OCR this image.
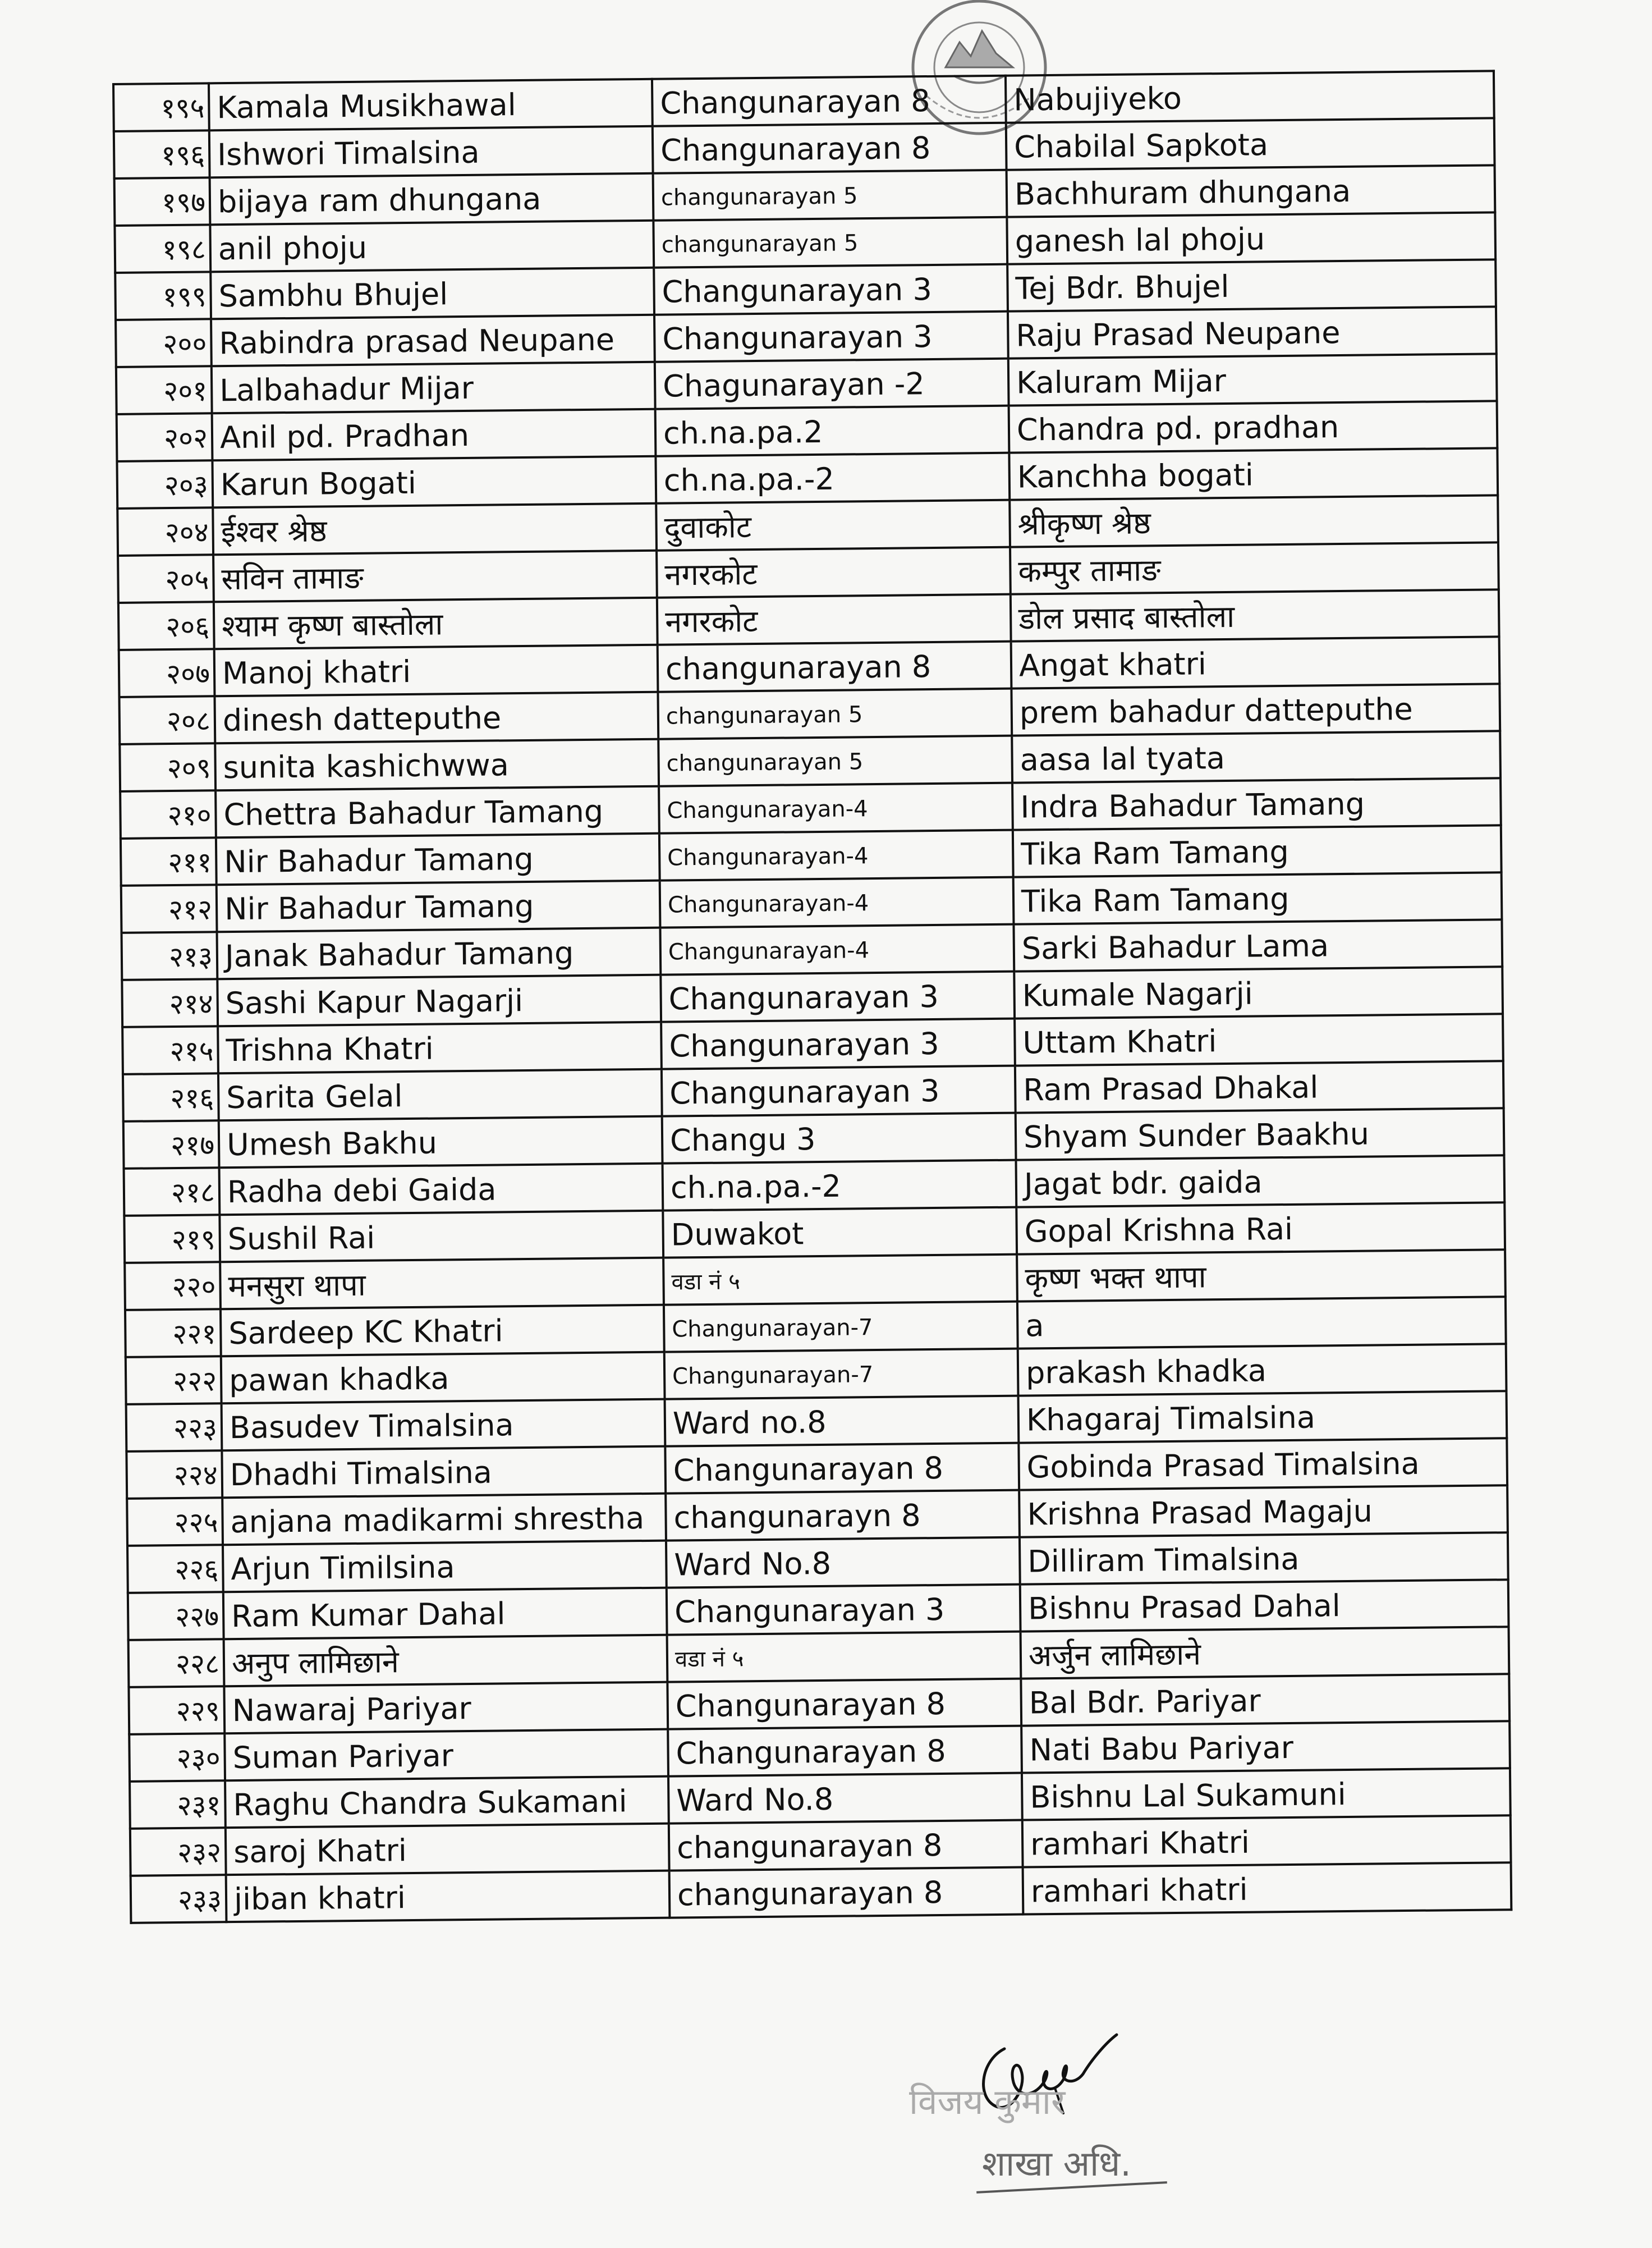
१९५	Kamala Musikhawal	Changunarayan 8	Nabujiyeko
१९६	Ishwori Timalsina	Changunarayan 8	Chabilal Sapkota
१९७	bijaya ram dhungana	changunarayan 5	Bachhuram dhungana
१९८	anil phoju	changunarayan 5	ganesh lal phoju
१९९	Sambhu Bhujel	Changunarayan 3	Tej Bdr. Bhujel
२००	Rabindra prasad Neupane	Changunarayan 3	Raju Prasad Neupane
२०१	Lalbahadur Mijar	Chagunarayan -2	Kaluram Mijar
२०२	Anil pd. Pradhan	ch.na.pa.2	Chandra pd. pradhan
२०३	Karun Bogati	ch.na.pa.-2	Kanchha bogati
२०४	ईश्वर श्रेष्ठ	दुवाकोट	श्रीकृष्ण श्रेष्ठ
२०५	सविन तामाङ	नगरकोट	कम्पुर तामाङ
२०६	श्याम कृष्ण बास्तोला	नगरकोट	डोल प्रसाद बास्तोला
२०७	Manoj khatri	changunarayan 8	Angat khatri
२०८	dinesh datteputhe	changunarayan 5	prem bahadur datteputhe
२०९	sunita kashichwwa	changunarayan 5	aasa lal tyata
२१०	Chettra Bahadur Tamang	Changunarayan-4	Indra Bahadur Tamang
२११	Nir Bahadur Tamang	Changunarayan-4	Tika Ram Tamang
२१२	Nir Bahadur Tamang	Changunarayan-4	Tika Ram Tamang
२१३	Janak Bahadur Tamang	Changunarayan-4	Sarki Bahadur Lama
२१४	Sashi Kapur Nagarji	Changunarayan 3	Kumale Nagarji
२१५	Trishna Khatri	Changunarayan 3	Uttam Khatri
२१६	Sarita Gelal	Changunarayan 3	Ram Prasad Dhakal
२१७	Umesh Bakhu	Changu 3	Shyam Sunder Baakhu
२१८	Radha debi Gaida	ch.na.pa.-2	Jagat bdr. gaida
२१९	Sushil Rai	Duwakot	Gopal Krishna Rai
२२०	मनसुरा थापा	वडा नं ५	कृष्ण भक्त थापा
२२१	Sardeep KC Khatri	Changunarayan-7	a
२२२	pawan khadka	Changunarayan-7	prakash khadka
२२३	Basudev Timalsina	Ward no.8	Khagaraj Timalsina
२२४	Dhadhi Timalsina	Changunarayan 8	Gobinda Prasad Timalsina
२२५	anjana madikarmi shrestha	changunarayn 8	Krishna Prasad Magaju
२२६	Arjun Timilsina	Ward No.8	Dilliram Timalsina
२२७	Ram Kumar Dahal	Changunarayan 3	Bishnu Prasad Dahal
२२८	अनुप लामिछाने	वडा नं ५	अर्जुन लामिछाने
२२९	Nawaraj Pariyar	Changunarayan 8	Bal Bdr. Pariyar
२३०	Suman Pariyar	Changunarayan 8	Nati Babu Pariyar
२३१	Raghu Chandra Sukamani	Ward No.8	Bishnu Lal Sukamuni
२३२	saroj Khatri	changunarayan 8	ramhari Khatri
२३३	jiban khatri	changunarayan 8	ramhari khatri
विजय कुमार
शाखा अधि.
